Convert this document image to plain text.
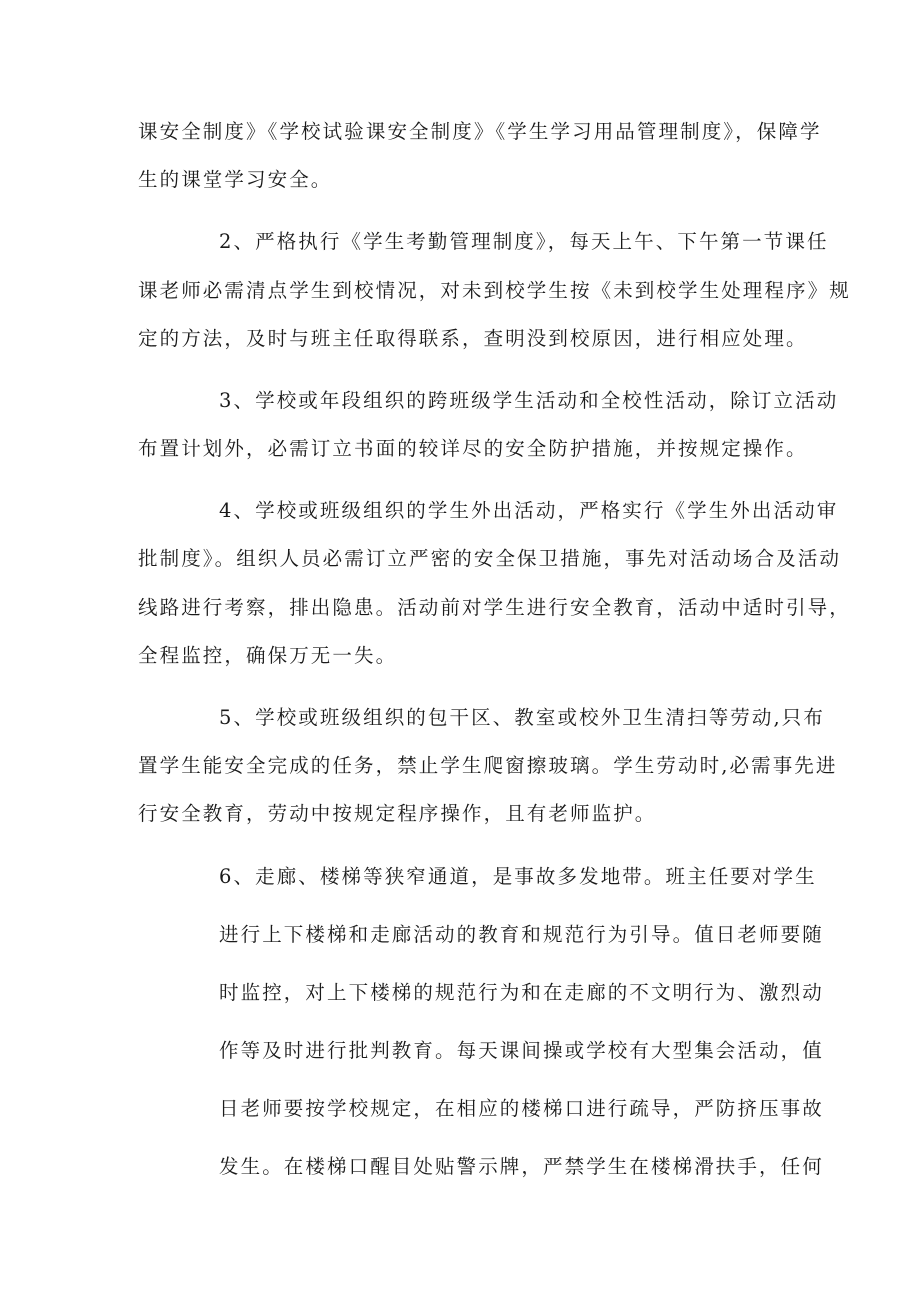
课安全制度》《学校试验课安全制度》《学生学习用品管理制度》，保障学
生的课堂学习安全。
2、严格执行《学生考勤管理制度》，每天上午、下午第一节课任
课老师必需清点学生到校情况，对未到校学生按《未到校学生处理程序》规
定的方法，及时与班主任取得联系，查明没到校原因，进行相应处理。
3、学校或年段组织的跨班级学生活动和全校性活动，除订立活动
布置计划外，必需订立书面的较详尽的安全防护措施，并按规定操作。
4、学校或班级组织的学生外出活动，严格实行《学生外出活动审
批制度》。组织人员必需订立严密的安全保卫措施，事先对活动场合及活动
线路进行考察，排出隐患。活动前对学生进行安全教育，活动中适时引导，
全程监控，确保万无一失。
5、学校或班级组织的包干区、教室或校外卫生清扫等劳动,只布
置学生能安全完成的任务，禁止学生爬窗擦玻璃。学生劳动时,必需事先进
行安全教育，劳动中按规定程序操作，且有老师监护。
6、走廊、楼梯等狭窄通道，是事故多发地带。班主任要对学生
进行上下楼梯和走廊活动的教育和规范行为引导。值日老师要随
时监控，对上下楼梯的规范行为和在走廊的不文明行为、激烈动
作等及时进行批判教育。每天课间操或学校有大型集会活动，值
日老师要按学校规定，在相应的楼梯口进行疏导，严防挤压事故
发生。在楼梯口醒目处贴警示牌，严禁学生在楼梯滑扶手，任何
